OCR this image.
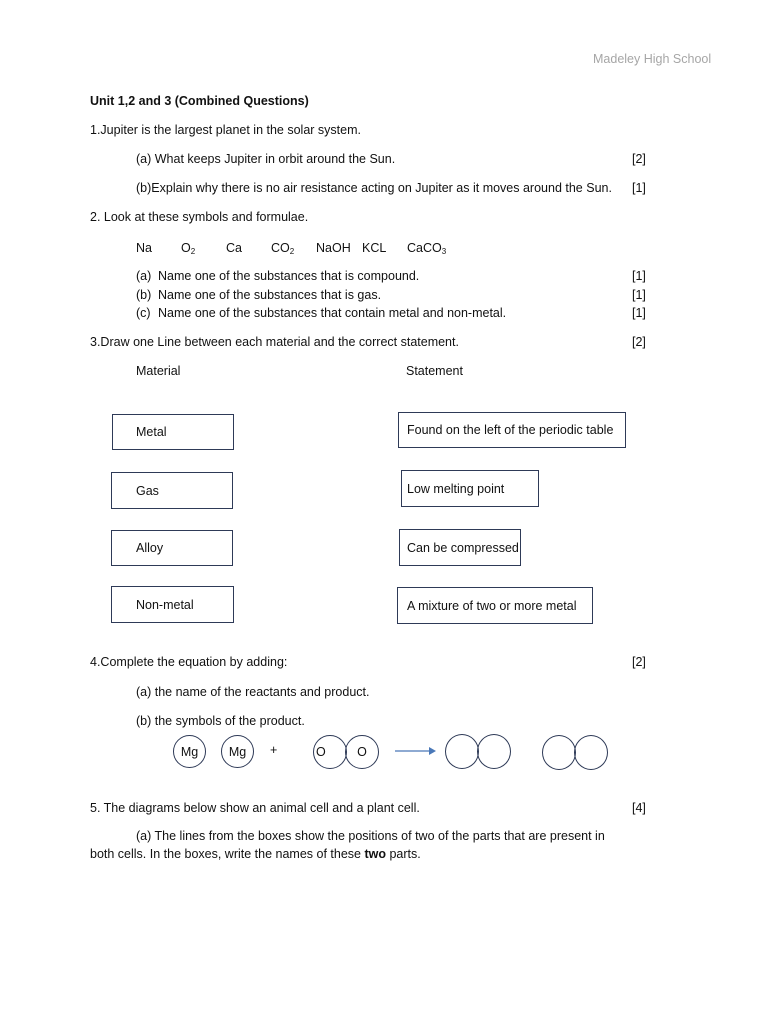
Madeley High School
Unit 1,2 and 3 (Combined Questions)
1.Jupiter is the largest planet in the solar system.
(a) What keeps Jupiter in orbit around the Sun.	[2]
(b)Explain why there is no air resistance acting on Jupiter as it moves around the Sun. [1]
2. Look at these symbols and formulae.
Na $O_2$ Ca $CO_2$ NaOH KCL CaCO$_3$
(a) Name one of the substances that is compound.	[1]
(b) Name one of the substances that is gas.	[1]
(c) Name one of the substances that contain metal and non-metal.	[1]
3.Draw one Line between each material and the correct statement.	[2]
Material	Statement
Metal
Gas
Alloy
Non-metal
Found on the left of the periodic table
Low melting point
Can be compressed
A mixture of two or more metal
4.Complete the equation by adding:	[2]
(a) the name of the reactants and product.
(b) the symbols of the product.
Mg Mg +	O	O
5. The diagrams below show an animal cell and a plant cell.	[4]
(a) The lines from the boxes show the positions of two of the parts that are present in
both cells. In the boxes, write the names of these two parts.
